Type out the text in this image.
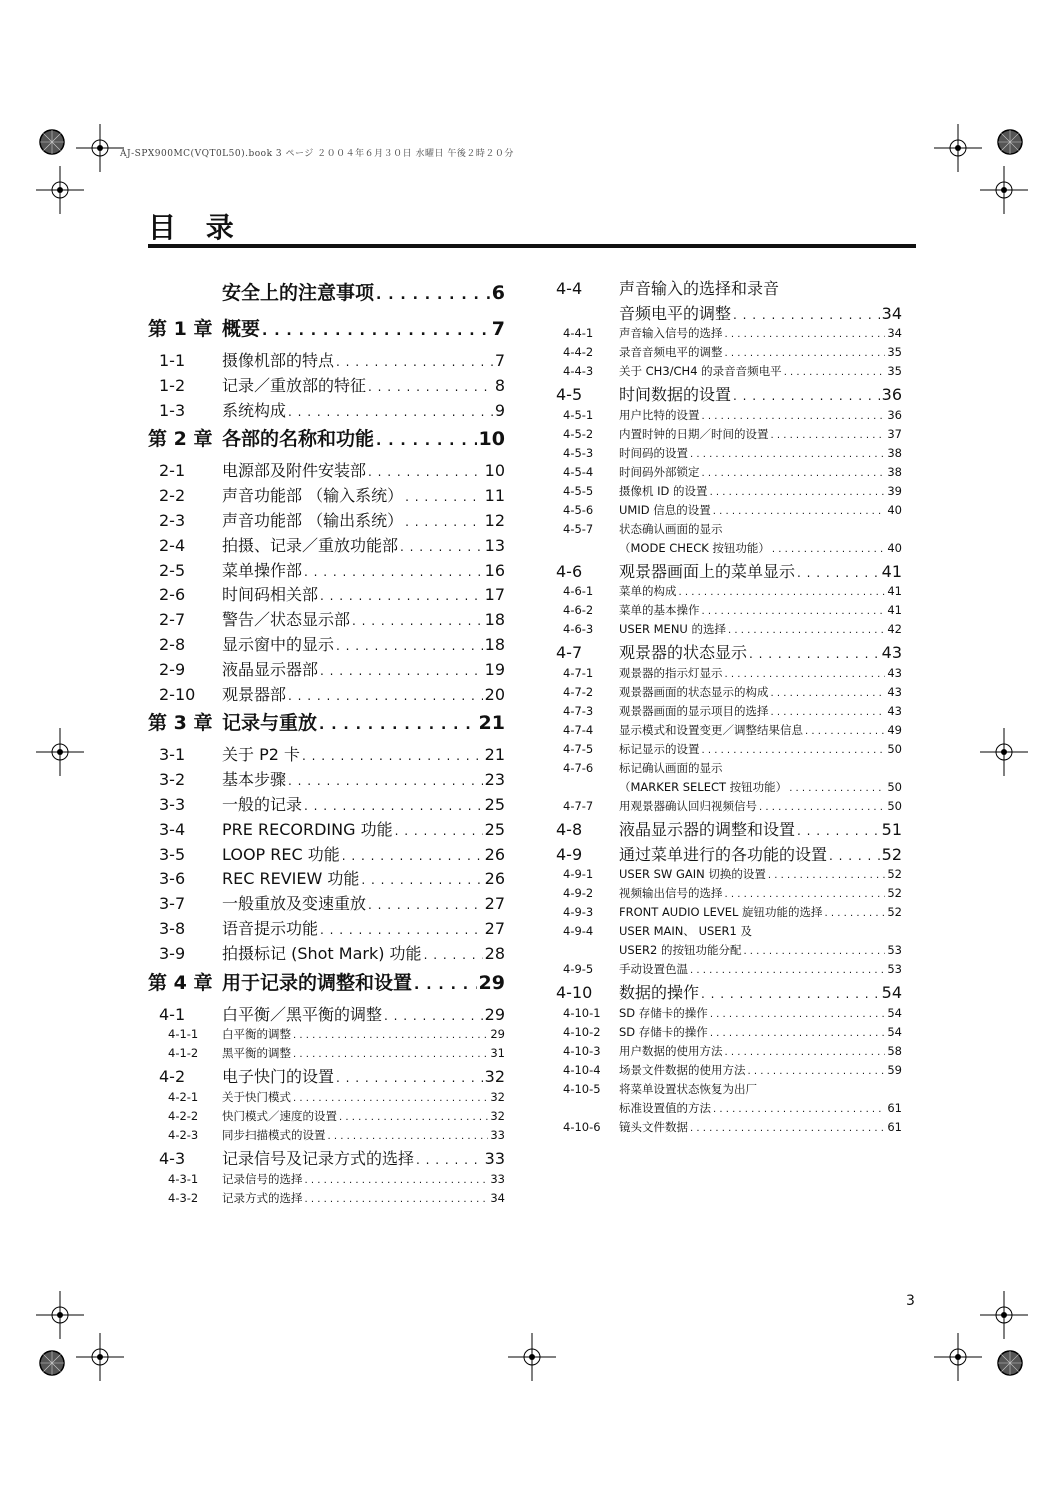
AJ-SPX900MC(VQT0L50).book 3 ページ ２００４年６月３０日 水曜日 午後２時２０分
目 录
安全上的注意事项 . . .	6
第 1 章 概要 . . .	7
1-1	摄像机部的特点 . . .	7
1-2	记录／重放部的特征 . . .	8
1-3	系统构成 . . .	9
第 2 章 各部的名称和功能 . . .	10
2-1	电源部及附件安装部 . . .	10
2-2	声音功能部 （输入系统） . . .	11
2-3	声音功能部 （输出系统） . . .	12
2-4	拍摄、记录／重放功能部 . . .	13
2-5	菜单操作部 . . .	16
2-6	时间码相关部 . . .	17
2-7	警告／状态显示部 . . .	18
2-8	显示窗中的显示 . . .	18
2-9	液晶显示器部 . . .	19
2-10	观景器部 . . .	20
第 3 章 记录与重放 . . .	21
3-1	关于 P2 卡 . . .	21
3-2	基本步骤 . . .	23
3-3	一般的记录 . . .	25
3-4	PRE RECORDING 功能 . . .	25
3-5	LOOP REC 功能 . . .	26
3-6	REC REVIEW 功能 . . .	26
3-7	一般重放及变速重放 . . .	27
3-8	语音提示功能 . . .	27
3-9	拍摄标记 (Shot Mark) 功能 . . .	28
第 4 章 用于记录的调整和设置 . . .	29
4-1	白平衡／黑平衡的调整 . . .	29
4-1-1	白平衡的调整 . . .	29
4-1-2	黑平衡的调整 . . .	31
4-2	电子快门的设置 . . .	32
4-2-1	关于快门模式 . . .	32
4-2-2	快门模式／速度的设置 . . .	32
4-2-3	同步扫描模式的设置 . . .	33
4-3	记录信号及记录方式的选择 . . .	33
4-3-1	记录信号的选择 . . .	33
4-3-2	记录方式的选择 . . .	34
4-4	声音输入的选择和录音
音频电平的调整 . . .	34
4-4-1	声音输入信号的选择 . . .	34
4-4-2	录音音频电平的调整 . . .	35
4-4-3	关于 CH3/CH4 的录音音频电平 . . .	35
4-5	时间数据的设置 . . .	36
4-5-1	用户比特的设置 . . .	36
4-5-2	内置时钟的日期／时间的设置 . . .	37
4-5-3	时间码的设置 . . .	38
4-5-4	时间码外部锁定 . . .	38
4-5-5	摄像机 ID 的设置 . . .	39
4-5-6	UMID 信息的设置 . . .	40
4-5-7	状态确认画面的显示
（MODE CHECK 按钮功能） . . .	40
4-6	观景器画面上的菜单显示 . . .	41
4-6-1	菜单的构成 . . .	41
4-6-2	菜单的基本操作 . . .	41
4-6-3	USER MENU 的选择 . . .	42
4-7	观景器的状态显示 . . .	43
4-7-1	观景器的指示灯显示 . . .	43
4-7-2	观景器画面的状态显示的构成 . . .	43
4-7-3	观景器画面的显示项目的选择 . . .	43
4-7-4	显示模式和设置变更／调整结果信息 . . .	49
4-7-5	标记显示的设置 . . .	50
4-7-6	标记确认画面的显示
（MARKER SELECT 按钮功能） . . .	50
4-7-7	用观景器确认回归视频信号 . . .	50
4-8	液晶显示器的调整和设置 . . .	51
4-9	通过菜单进行的各功能的设置 . . .	52
4-9-1	USER SW GAIN 切换的设置 . . .	52
4-9-2	视频输出信号的选择 . . .	52
4-9-3	FRONT AUDIO LEVEL 旋钮功能的选择 . . .	52
4-9-4	USER MAIN、 USER1 及
USER2 的按钮功能分配 . . .	53
4-9-5	手动设置色温 . . .	53
4-10	数据的操作 . . .	54
4-10-1	SD 存储卡的操作 . . .	54
4-10-2	SD 存储卡的操作 . . .	54
4-10-3	用户数据的使用方法 . . .	58
4-10-4	场景文件数据的使用方法 . . .	59
4-10-5	将菜单设置状态恢复为出厂
标准设置值的方法 . . .	61
4-10-6	镜头文件数据 . . .	61
3
